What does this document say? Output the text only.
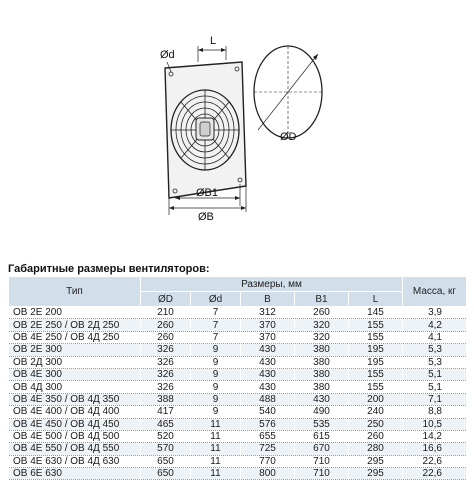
Ød
L
ØB1
ØB
ØD
Габаритные размеры вентиляторов:
Тип	Размеры, мм					Масса, кг
	ØD	Ød	B	B1	L	
ОВ 2Е 200	210	7	312	260	145	3,9
ОВ 2Е 250 / ОВ 2Д 250	260	7	370	320	155	4,2
ОВ 4Е 250 / ОВ 4Д 250	260	7	370	320	155	4,1
ОВ 2Е 300	326	9	430	380	195	5,3
ОВ 2Д 300	326	9	430	380	195	5,3
ОВ 4Е 300	326	9	430	380	155	5,1
ОВ 4Д 300	326	9	430	380	155	5,1
ОВ 4Е 350 / ОВ 4Д 350	388	9	488	430	200	7,1
ОВ 4Е 400 / ОВ 4Д 400	417	9	540	490	240	8,8
ОВ 4Е 450 / ОВ 4Д 450	465	11	576	535	250	10,5
ОВ 4Е 500 / ОВ 4Д 500	520	11	655	615	260	14,2
ОВ 4Е 550 / ОВ 4Д 550	570	11	725	670	280	16,6
ОВ 4Е 630 / ОВ 4Д 630	650	11	770	710	295	22,6
ОВ 6Е 630	650	11	800	710	295	22,6
